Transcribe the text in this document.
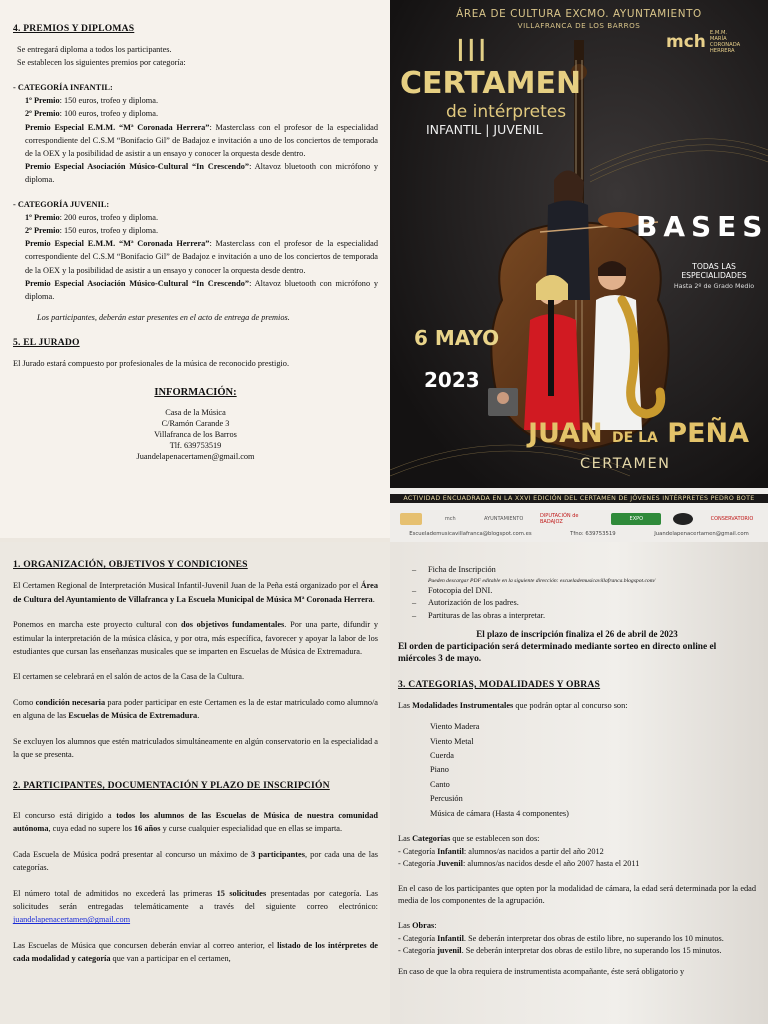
4. PREMIOS Y DIPLOMAS

Se entregará diploma a todos los participantes.

Se establecen los siguientes premios por categoría:

- CATEGORÍA INFANTIL:

1º Premio: 150 euros, trofeo y diploma.

2º Premio: 100 euros, trofeo y diploma.

Premio Especial E.M.M. “Mª Coronada Herrera”: Masterclass con el profesor de la especialidad correspondiente del C.S.M “Bonifacio Gil” de Badajoz e invitación a uno de los conciertos de temporada de la OEX y la posibilidad de asistir a un ensayo y conocer la orquesta desde dentro.

Premio Especial Asociación Músico-Cultural “In Crescendo”: Altavoz bluetooth con micrófono y diploma.

- CATEGORÍA JUVENIL:

1º Premio: 200 euros, trofeo y diploma.

2º Premio: 150 euros, trofeo y diploma.

Premio Especial E.M.M. “Mª Coronada Herrera”: Masterclass con el profesor de la especialidad correspondiente del C.S.M “Bonifacio Gil” de Badajoz e invitación a uno de los conciertos de temporada de la OEX y la posibilidad de asistir a un ensayo y conocer la orquesta desde dentro.

Premio Especial Asociación Músico-Cultural “In Crescendo”: Altavoz bluetooth con micrófono y diploma.

Los participantes, deberán estar presentes en el acto de entrega de premios.

5. EL JURADO

El Jurado estará compuesto por profesionales de la música de reconocido prestigio.

INFORMACIÓN:

Casa de la Música

C/Ramón Carande 3

Villafranca de los Barros

Tlf. 639753519

Juandelapenacertamen@gmail.com

ÁREA DE CULTURA EXCMO. AYUNTAMIENTO
VILLAFRANCA DE LOS BARROS
mch E.M.M.
MARÍA
CORONADA
HERRERA
III
CERTAMEN
de intérpretes
INFANTIL | JUVENIL
BASES
TODAS LAS ESPECIALIDADES
Hasta 2º de Grado Medio
6 MAYO
2023
JUAN DE LA PEÑA
CERTAMEN
ACTIVIDAD ENCUADRADA EN LA XXVI EDICIÓN DEL CERTAMEN DE JÓVENES INTÉRPRETES PEDRO BOTE
mch	AYUNTAMIENTO	DIPUTACIÓN de BADAJOZ	EXPO	CONSERVATORIO
Escuelademusicavillafranca@blogspot.com.es	Tfno: 639753519	Juandelapenacertamen@gmail.com
1. ORGANIZACIÓN, OBJETIVOS Y CONDICIONES

El Certamen Regional de Interpretación Musical Infantil-Juvenil Juan de la Peña está organizado por el Área de Cultura del Ayuntamiento de Villafranca y La Escuela Municipal de Música Mª Coronada Herrera.

Ponemos en marcha este proyecto cultural con dos objetivos fundamentales. Por una parte, difundir y estimular la interpretación de la música clásica, y por otra, más específica, favorecer y apoyar la labor de los estudiantes que cursan las enseñanzas musicales que se imparten en Escuelas de Música de Extremadura.

El certamen se celebrará en el salón de actos de la Casa de la Cultura.

Como condición necesaria para poder participar en este Certamen es la de estar matriculado como alumno/a en alguna de las Escuelas de Música de Extremadura.

Se excluyen los alumnos que estén matriculados simultáneamente en algún conservatorio en la especialidad a la que se presenta.

2. PARTICIPANTES, DOCUMENTACIÓN Y PLAZO DE INSCRIPCIÓN

El concurso está dirigido a todos los alumnos de las Escuelas de Música de nuestra comunidad autónoma, cuya edad no supere los 16 años y curse cualquier especialidad que en ellas se imparta.

Cada Escuela de Música podrá presentar al concurso un máximo de 3 participantes, por cada una de las categorías.

El número total de admitidos no excederá las primeras 15 solicitudes presentadas por categoría. Las solicitudes serán entregadas telemáticamente a través del siguiente correo electrónico: juandelapenacertamen@gmail.com

Las Escuelas de Música que concursen deberán enviar al correo anterior, el listado de los intérpretes de cada modalidad y categoría que van a participar en el certamen,

– Ficha de Inscripción

Pueden descargar PDF editable en la siguiente dirección: escuelademusicavillafranca.blogspot.com/
– Fotocopia del DNI.
– Autorización de los padres.
– Partituras de las obras a interpretar.

El plazo de inscripción finaliza el 26 de abril de 2023

El orden de participación será determinado mediante sorteo en directo online el miércoles 3 de mayo.

3. CATEGORIAS, MODALIDADES Y OBRAS

Las Modalidades Instrumentales que podrán optar al concurso son:

Viento Madera

Viento Metal

Cuerda

Piano

Canto

Percusión

Música de cámara (Hasta 4 componentes)

Las Categorías que se establecen son dos:

- Categoría Infantil: alumnos/as nacidos a partir del año 2012

- Categoría Juvenil: alumnos/as nacidos desde el año 2007 hasta el 2011

En el caso de los participantes que opten por la modalidad de cámara, la edad será determinada por la edad media de los componentes de la agrupación.

Las Obras:

- Categoría Infantil. Se deberán interpretar dos obras de estilo libre, no superando los 10 minutos.

- Categoría juvenil. Se deberán interpretar dos obras de estilo libre, no superando los 15 minutos.

En caso de que la obra requiera de instrumentista acompañante, éste será obligatorio y
